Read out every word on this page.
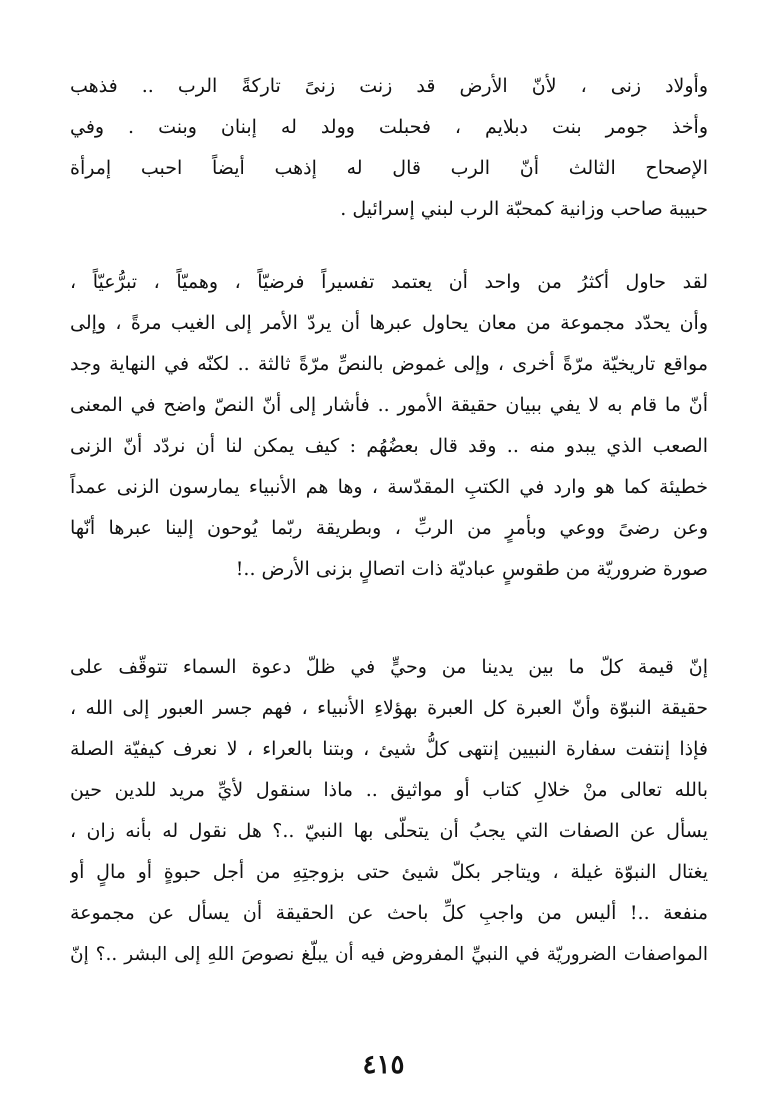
وأولاد زنى ، لأنّ الأرض قد زنت زنىً تاركةً الرب .. فذهب
وأخذ جومر بنت دبلايم ، فحبلت وولد له إبنان وبنت . وفي
الإصحاح الثالث أنّ الرب قال له إذهب أيضاً احبب إمرأة
حبيبة صاحب وزانية كمحبّة الرب لبني إسرائيل .
لقد حاول أكثرُ من واحد أن يعتمد تفسيراً فرضيّاً ، وهميّاً ، تبرُّعيّاً ،
وأن يحدّد مجموعة من معان يحاول عبرها أن يردّ الأمر إلى الغيب مرةً ، وإلى
مواقع تاريخيّة مرّةً أخرى ، وإلى غموض بالنصِّ مرّةً ثالثة .. لكنّه في النهاية وجد
أنّ ما قام به لا يفي ببيان حقيقة الأمور .. فأشار إلى أنّ النصّ واضح في المعنى
الصعب الذي يبدو منه .. وقد قال بعضُهُم : كيف يمكن لنا أن نردّد أنّ الزنى
خطيئة كما هو وارد في الكتبِ المقدّسة ، وها هم الأنبياء يمارسون الزنى عمداً
وعن رضىً ووعي وبأمرٍ من الربِّ ، وبطريقة ربّما يُوحون إلينا عبرها أنّها
صورة ضروريّة من طقوسٍ عباديّة ذات اتصالٍ بزنى الأرض ..!
إنّ قيمة كلّ ما بين يدينا من وحيٍّ في ظلّ دعوة السماء تتوقّف على
حقيقة النبوّة وأنّ العبرة كل العبرة بهؤلاءِ الأنبياء ، فهم جسر العبور إلى الله ،
فإذا إنتفت سفارة النبيين إنتهى كلُّ شيئ ، وبتنا بالعراء ، لا نعرف كيفيّة الصلة
بالله تعالى منْ خلالِ كتاب أو مواثيق .. ماذا سنقول لأيِّ مريد للدين حين
يسأل عن الصفات التي يجبُ أن يتحلّى بها النبيّ ..؟ هل نقول له بأنه زان ،
يغتال النبوّة غيلة ، ويتاجر بكلّ شيئ حتى بزوجتِهِ من أجل حبوةٍ أو مالٍ أو
منفعة ..! أليس من واجبِ كلِّ باحث عن الحقيقة أن يسأل عن مجموعة
المواصفات الضروريّة في النبيِّ المفروض فيه أن يبلّغ نصوصَ اللهِ إلى البشر ..؟ إنّ
٤١٥
